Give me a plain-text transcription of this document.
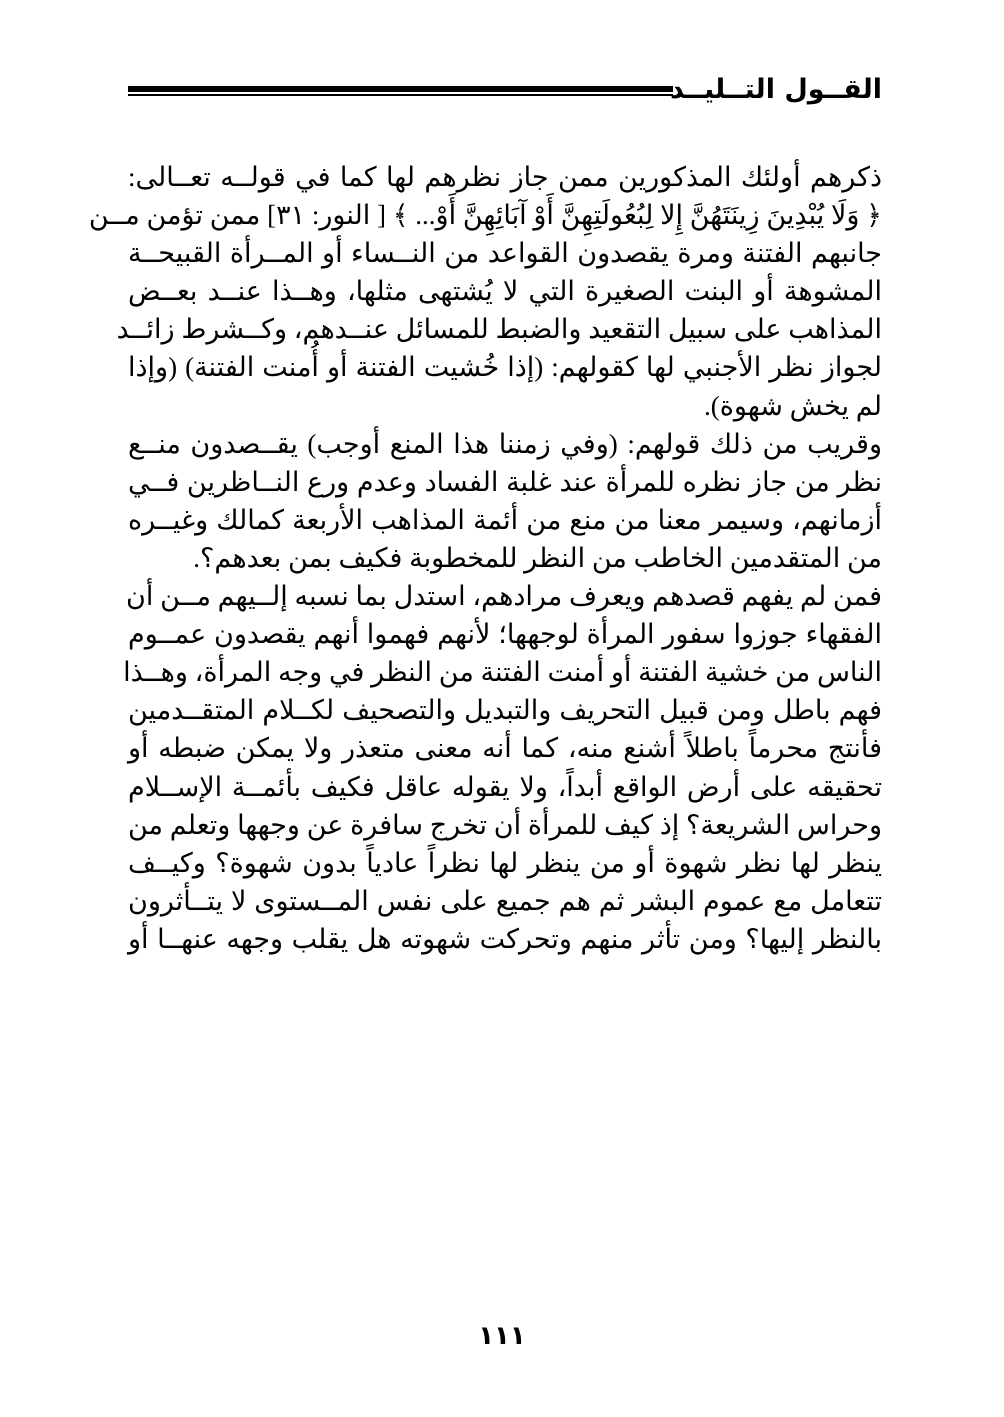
القــول التــليــد
ذكرهم أولئك المذكورين ممن جاز نظرهم لها كما في قولــه تعــالى:
﴿ وَلَا يُبْدِينَ زِينَتَهُنَّ إِلا لِبُعُولَتِهِنَّ أَوْ آبَائِهِنَّ أَوْ... ﴾ [ النور: ٣١] ممن تؤمن مــن
جانبهم الفتنة ومرة يقصدون القواعد من النــساء أو المــرأة القبيحــة
المشوهة أو البنت الصغيرة التي لا يُشتهى مثلها، وهــذا عنــد بعــض
المذاهب على سبيل التقعيد والضبط للمسائل عنــدهم، وكــشرط زائــد
لجواز نظر الأجنبي لها كقولهم: (إذا خُشيت الفتنة أو أُمنت الفتنة) (وإذا
لم يخش شهوة).
وقريب من ذلك قولهم: (وفي زمننا هذا المنع أوجب) يقــصدون منــع
نظر من جاز نظره للمرأة عند غلبة الفساد وعدم ورع النــاظرين فــي
أزمانهم، وسيمر معنا من منع من أئمة المذاهب الأربعة كمالك وغيــره
من المتقدمين الخاطب من النظر للمخطوبة فكيف بمن بعدهم؟.
فمن لم يفهم قصدهم ويعرف مرادهم، استدل بما نسبه إلــيهم مــن أن
الفقهاء جوزوا سفور المرأة لوجهها؛ لأنهم فهموا أنهم يقصدون عمــوم
الناس من خشية الفتنة أو أمنت الفتنة من النظر في وجه المرأة، وهــذا
فهم باطل ومن قبيل التحريف والتبديل والتصحيف لكــلام المتقــدمين
فأنتج محرماً باطلاً أشنع منه، كما أنه معنى متعذر ولا يمكن ضبطه أو
تحقيقه على أرض الواقع أبداً، ولا يقوله عاقل فكيف بأئمــة الإســلام
وحراس الشريعة؟ إذ كيف للمرأة أن تخرج سافرة عن وجهها وتعلم من
ينظر لها نظر شهوة أو من ينظر لها نظراً عادياً بدون شهوة؟ وكيــف
تتعامل مع عموم البشر ثم هم جميع على نفس المــستوى لا يتــأثرون
بالنظر إليها؟ ومن تأثر منهم وتحركت شهوته هل يقلب وجهه عنهــا أو
١١١
